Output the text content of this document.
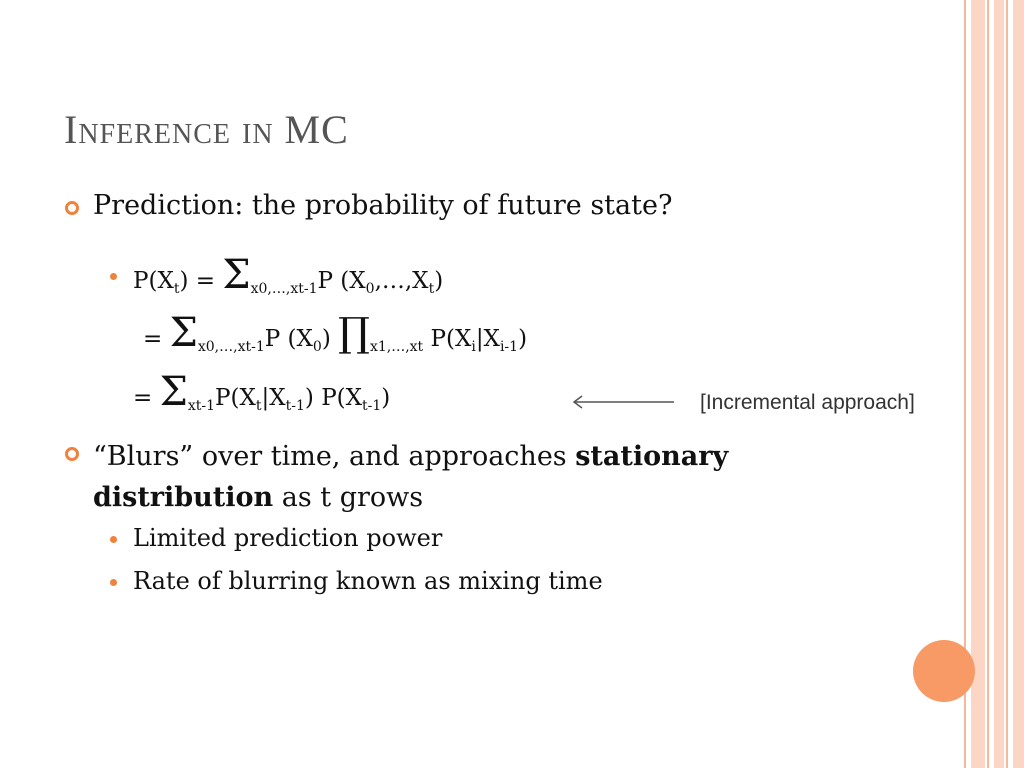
Inference in MC
Prediction: the probability of future state?
$P(X_t) = \Sigma_{x0,\dots,xt-1}P$ $(X_0,\dots,X_t)$
= $\Sigma_{x0,\dots,xt-1}P$ $(X_0)$ $\prod_{x1,\dots,xt}$ $P(X_i|X_{i-1})$
= $\Sigma_{xt-1}P(X_t|X_{t-1})$ $P(X_{t-1})$	[Incremental approach]
“Blurs” over time, and approaches stationary distribution as t grows
Limited prediction power
Rate of blurring known as mixing time
